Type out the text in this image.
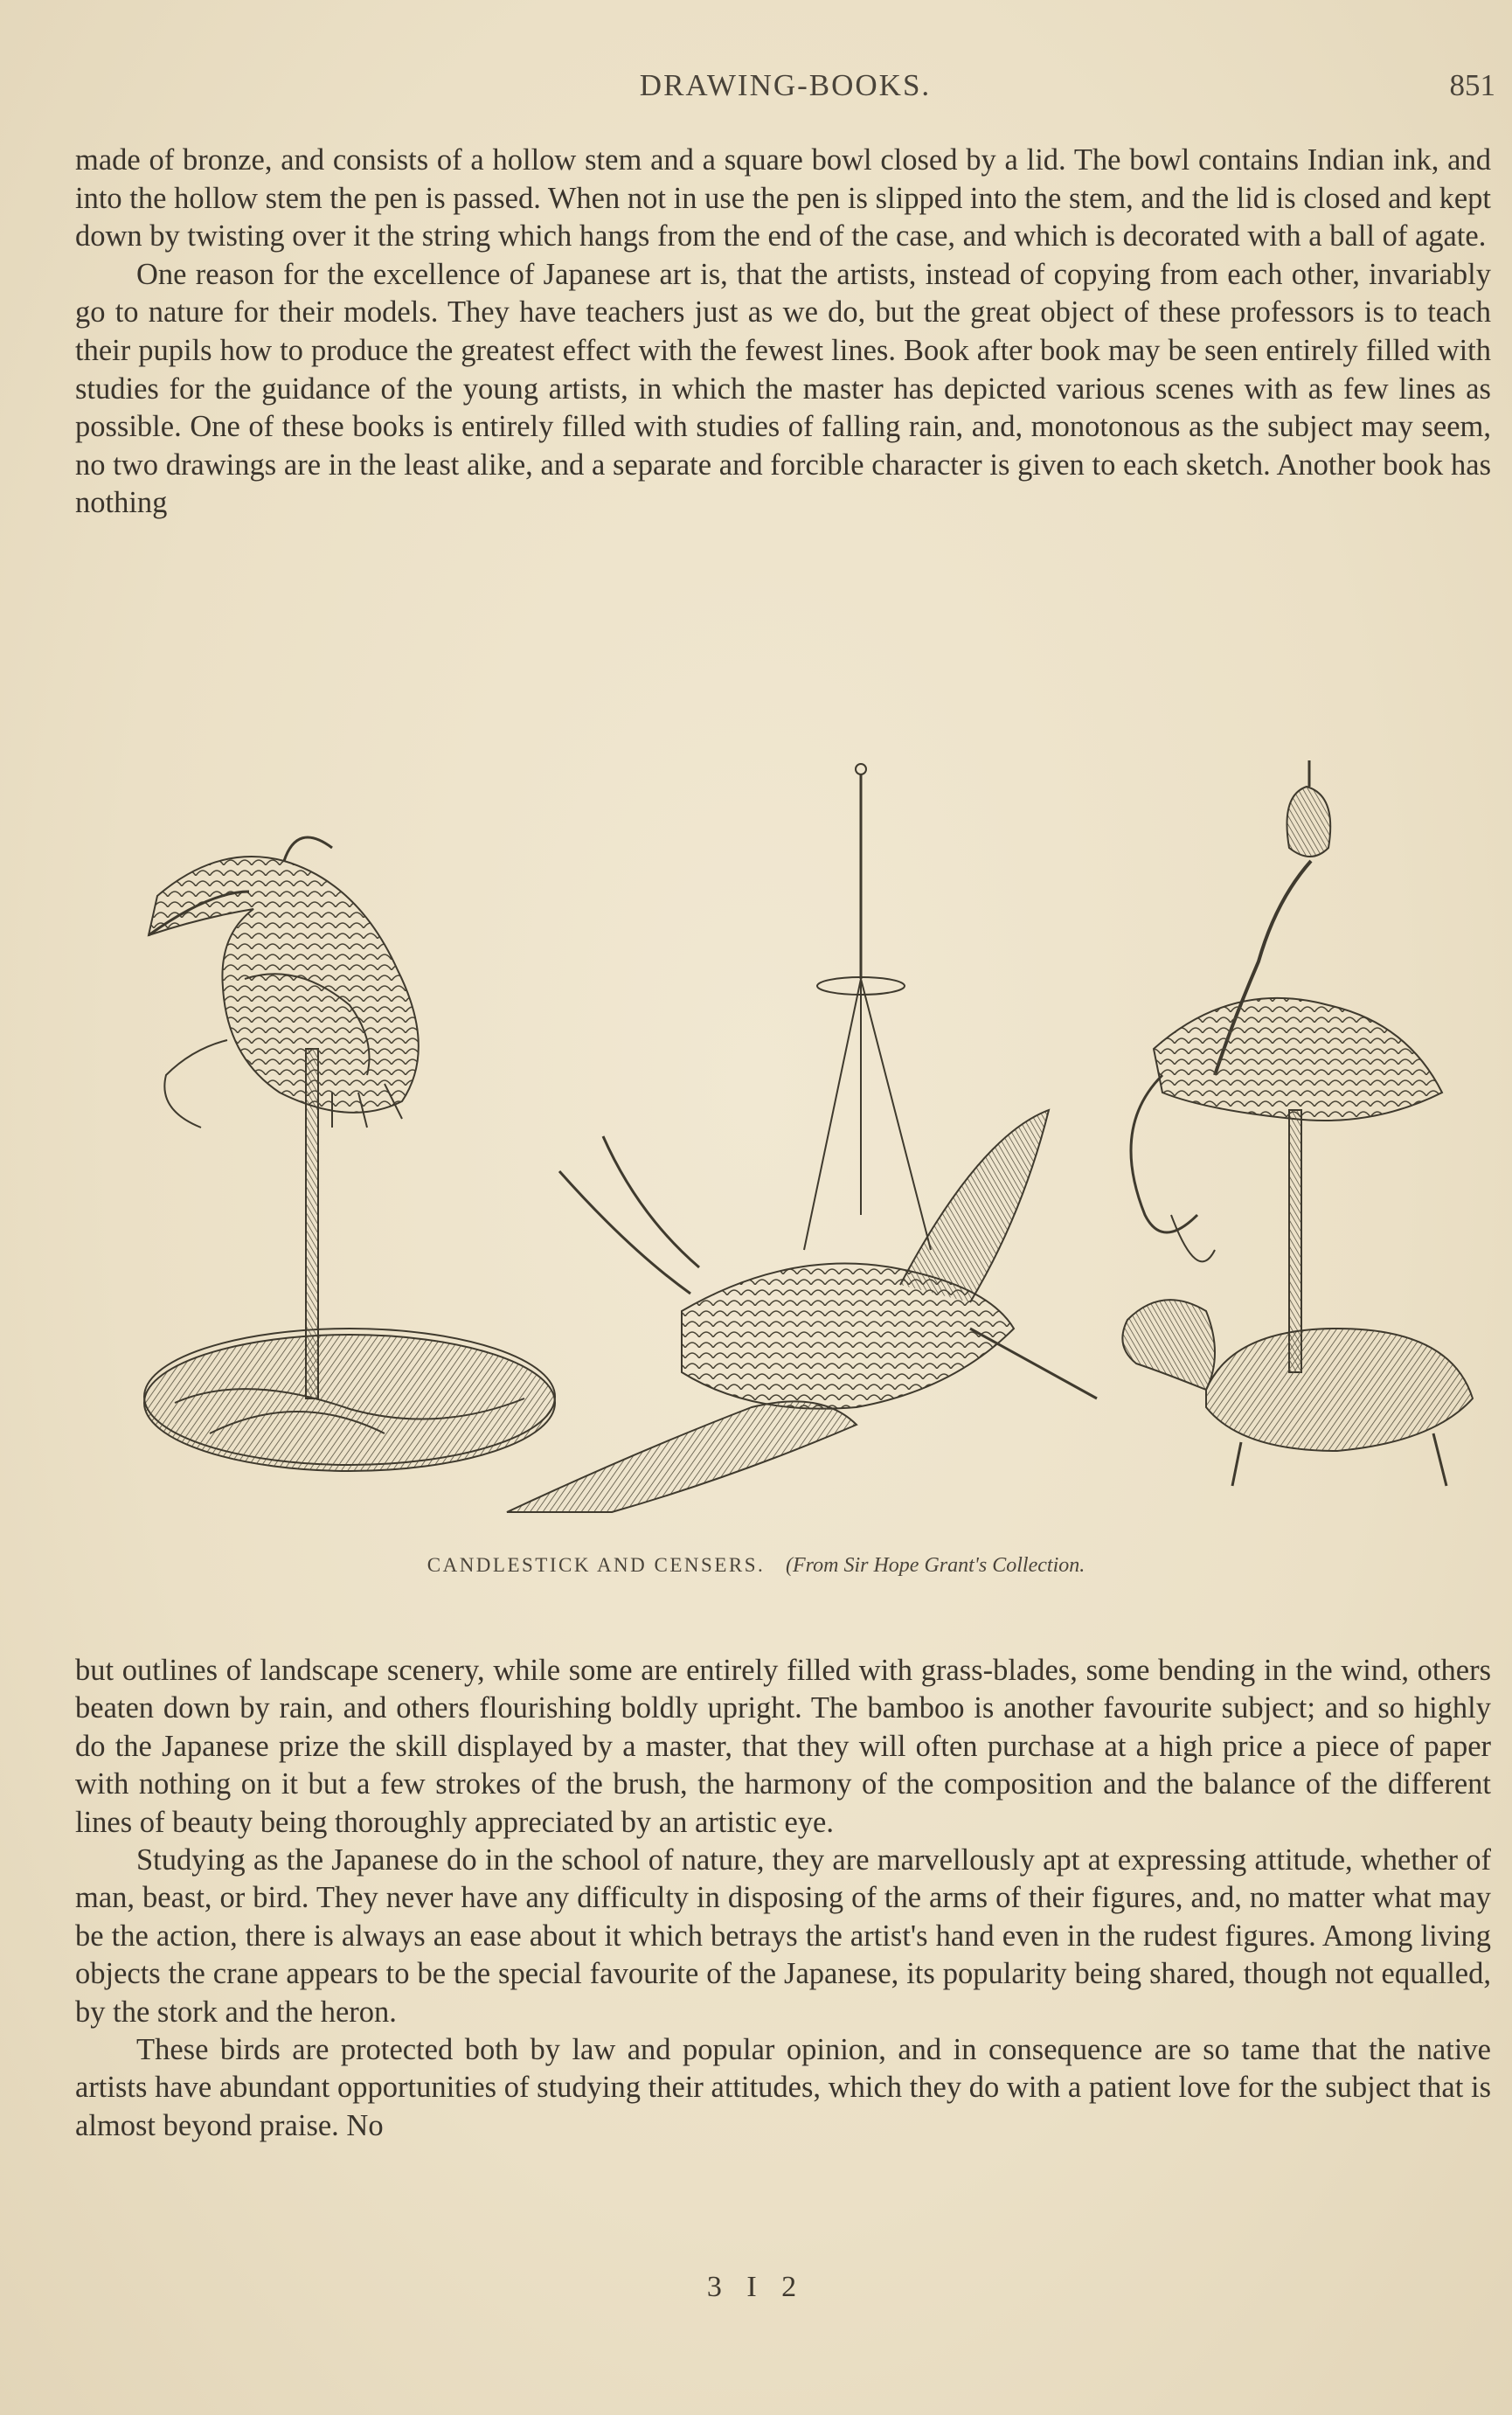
DRAWING-BOOKS.	851

made of bronze, and consists of a hollow stem and a square bowl closed by a lid. The bowl contains Indian ink, and into the hollow stem the pen is passed. When not in use the pen is slipped into the stem, and the lid is closed and kept down by twisting over it the string which hangs from the end of the case, and which is decorated with a ball of agate.

One reason for the excellence of Japanese art is, that the artists, instead of copying from each other, invariably go to nature for their models. They have teachers just as we do, but the great object of these professors is to teach their pupils how to produce the greatest effect with the fewest lines. Book after book may be seen entirely filled with studies for the guidance of the young artists, in which the master has depicted various scenes with as few lines as possible. One of these books is entirely filled with studies of falling rain, and, monotonous as the subject may seem, no two drawings are in the least alike, and a separate and forcible character is given to each sketch. Another book has nothing

CANDLESTICK AND CENSERS. (From Sir Hope Grant's Collection.

but outlines of landscape scenery, while some are entirely filled with grass-blades, some bending in the wind, others beaten down by rain, and others flourishing boldly upright. The bamboo is another favourite subject; and so highly do the Japanese prize the skill displayed by a master, that they will often purchase at a high price a piece of paper with nothing on it but a few strokes of the brush, the harmony of the composition and the balance of the different lines of beauty being thoroughly appreciated by an artistic eye.

Studying as the Japanese do in the school of nature, they are marvellously apt at expressing attitude, whether of man, beast, or bird. They never have any difficulty in disposing of the arms of their figures, and, no matter what may be the action, there is always an ease about it which betrays the artist's hand even in the rudest figures. Among living objects the crane appears to be the special favourite of the Japanese, its popularity being shared, though not equalled, by the stork and the heron.

These birds are protected both by law and popular opinion, and in consequence are so tame that the native artists have abundant opportunities of studying their attitudes, which they do with a patient love for the subject that is almost beyond praise. No

3 I 2
